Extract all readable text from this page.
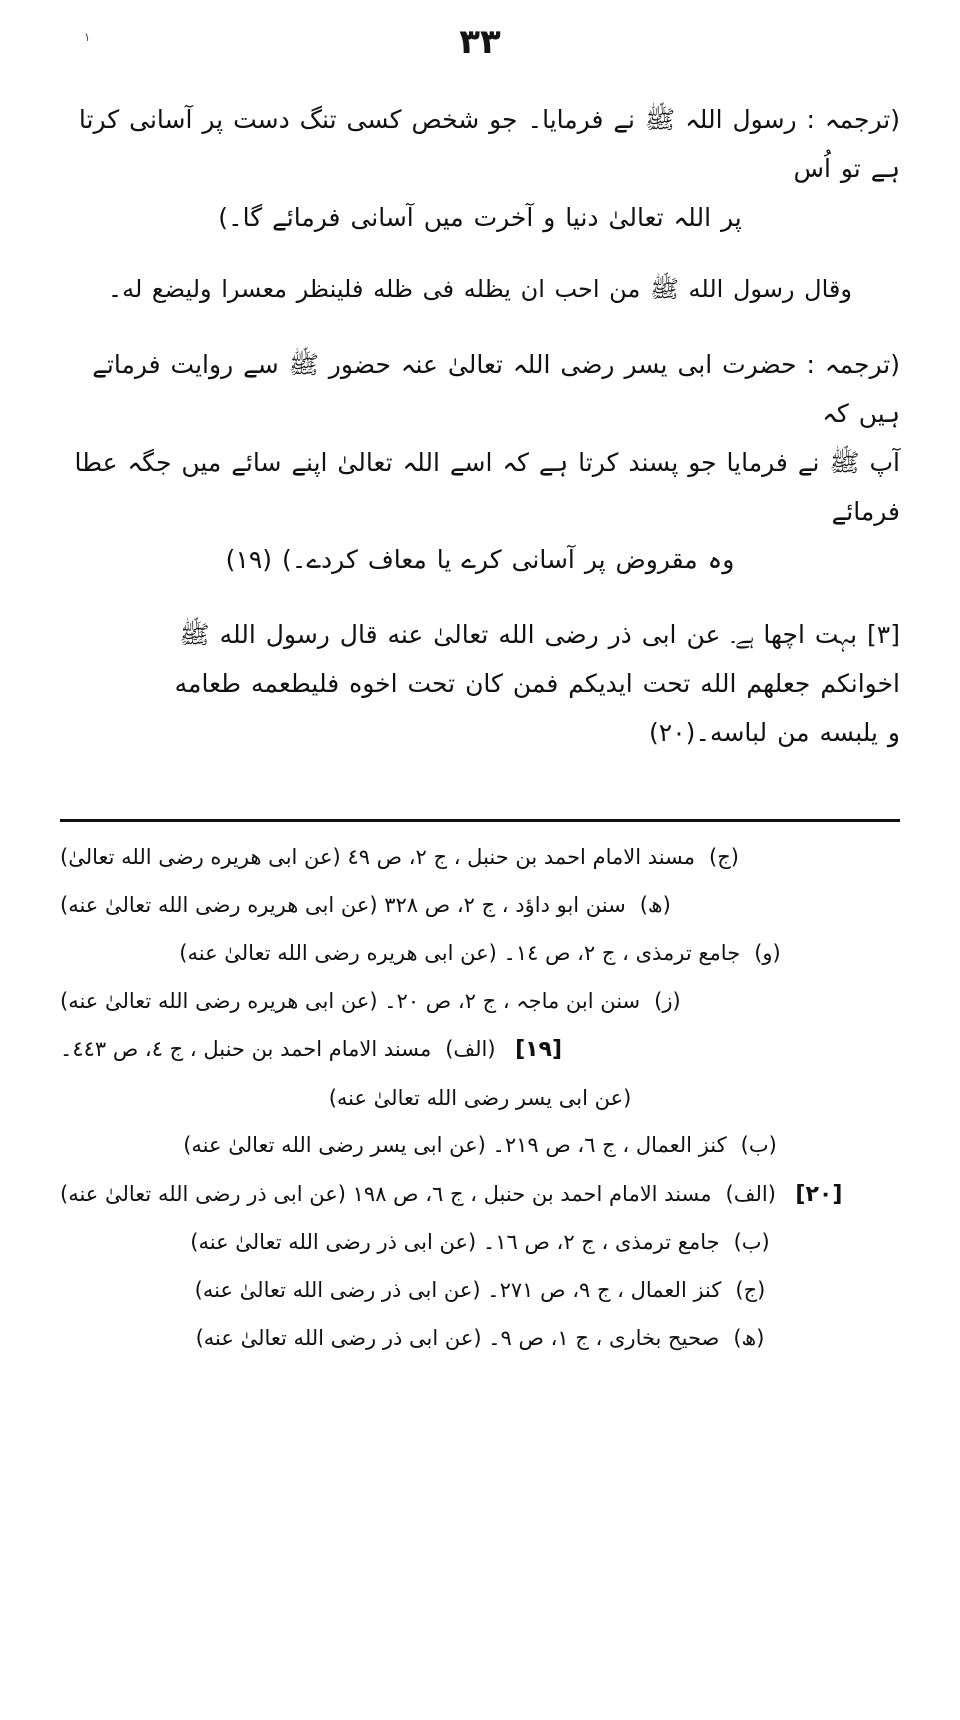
١	٣٣
(ترجمہ : رسول اللہ ﷺ نے فرمایا۔ جو شخص کسی تنگ دست پر آسانی کرتا ہے تو اُس
پر اللہ تعالیٰ دنیا و آخرت میں آسانی فرمائے گا۔)
وقال رسول الله ﷺ من احب ان يظله فى ظله فلينظر معسرا وليضع له۔
(ترجمہ : حضرت ابی یسر رضی اللہ تعالیٰ عنہ حضور ﷺ سے روایت فرماتے ہیں کہ
آپ ﷺ نے فرمایا جو پسند کرتا ہے کہ اسے اللہ تعالیٰ اپنے سائے میں جگہ عطا فرمائے
وہ مقروض پر آسانی کرے یا معاف کردے۔) (١٩)
[٣] بہت اچھا ہے۔ عن ابى ذر رضى الله تعالىٰ عنه قال رسول الله ﷺ
اخوانكم جعلهم الله تحت ايديكم فمن كان تحت اخوه فليطعمه طعامه
و يلبسه من لباسه۔(٢٠)
(ج)
مسند الامام احمد بن حنبل ، ج ٢، ص ٤٩ (عن ابى هريره رضى الله تعالىٰ)
(ھ)
سنن ابو داؤد ، ج ٢، ص ٣٢٨ (عن ابى هريره رضى الله تعالىٰ عنه)
(و)
جامع ترمذى ، ج ٢، ص ١٤۔ (عن ابى هريره رضى الله تعالىٰ عنه)
(ز)
سنن ابن ماجہ ، ج ٢، ص ٢٠۔ (عن ابى هريره رضى الله تعالىٰ عنه)
[١٩]
(الف)
مسند الامام احمد بن حنبل ، ج ٤، ص ٤٤٣۔
(عن ابى يسر رضى الله تعالىٰ عنه)
(ب)
كنز العمال ، ج ٦، ص ٢١٩۔ (عن ابى يسر رضى الله تعالىٰ عنه)
[٢٠]
(الف)
مسند الامام احمد بن حنبل ، ج ٦، ص ١٩٨ (عن ابى ذر رضى الله تعالىٰ عنه)
(ب)
جامع ترمذى ، ج ٢، ص ١٦۔ (عن ابى ذر رضى الله تعالىٰ عنه)
(ج)
كنز العمال ، ج ٩، ص ٢٧١۔ (عن ابى ذر رضى الله تعالىٰ عنه)
(ھ)
صحیح بخارى ، ج ١، ص ٩۔ (عن ابى ذر رضى الله تعالىٰ عنه)
